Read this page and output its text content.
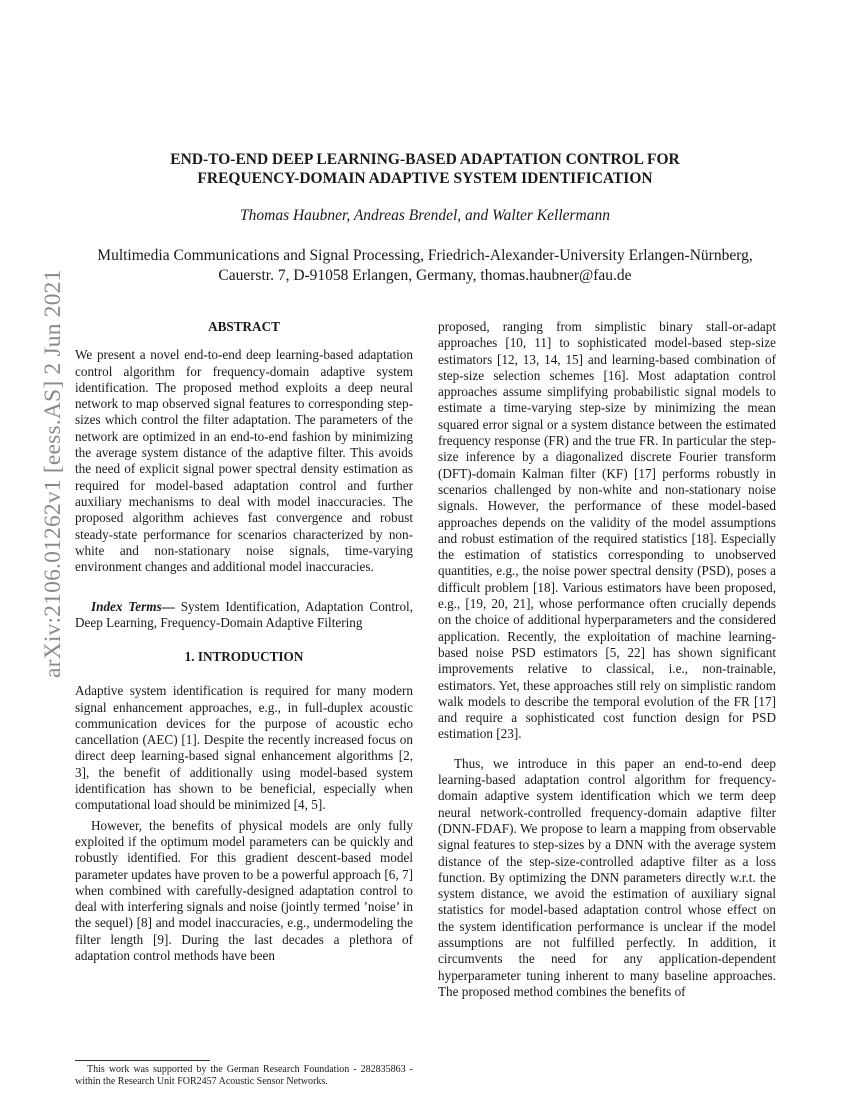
arXiv:2106.01262v1 [eess.AS] 2 Jun 2021
END-TO-END DEEP LEARNING-BASED ADAPTATION CONTROL FOR
FREQUENCY-DOMAIN ADAPTIVE SYSTEM IDENTIFICATION
Thomas Haubner, Andreas Brendel, and Walter Kellermann
Multimedia Communications and Signal Processing, Friedrich-Alexander-University Erlangen-Nürnberg,
Cauerstr. 7, D-91058 Erlangen, Germany, thomas.haubner@fau.de
ABSTRACT

We present a novel end-to-end deep learning-based adaptation control algorithm for frequency-domain adaptive system identification. The proposed method exploits a deep neural network to map observed signal features to corresponding step-sizes which control the filter adaptation. The parameters of the network are optimized in an end-to-end fashion by minimizing the average system distance of the adaptive filter. This avoids the need of explicit signal power spectral density estimation as required for model-based adaptation control and further auxiliary mechanisms to deal with model inaccuracies. The proposed algorithm achieves fast convergence and robust steady-state performance for scenarios characterized by non-white and non-stationary noise signals, time-varying environment changes and additional model inaccuracies.

Index Terms— System Identification, Adaptation Control, Deep Learning, Frequency-Domain Adaptive Filtering

1. INTRODUCTION

Adaptive system identification is required for many modern signal enhancement approaches, e.g., in full-duplex acoustic communication devices for the purpose of acoustic echo cancellation (AEC) [1]. Despite the recently increased focus on direct deep learning-based signal enhancement algorithms [2, 3], the benefit of additionally using model-based system identification has shown to be beneficial, especially when computational load should be minimized [4, 5].

However, the benefits of physical models are only fully exploited if the optimum model parameters can be quickly and robustly identified. For this gradient descent-based model parameter updates have proven to be a powerful approach [6, 7] when combined with carefully-designed adaptation control to deal with interfering signals and noise (jointly termed ’noise’ in the sequel) [8] and model inaccuracies, e.g., undermodeling the filter length [9]. During the last decades a plethora of adaptation control methods have been

This work was supported by the German Research Foundation - 282835863 - within the Research Unit FOR2457 Acoustic Sensor Networks.

proposed, ranging from simplistic binary stall-or-adapt approaches [10, 11] to sophisticated model-based step-size estimators [12, 13, 14, 15] and learning-based combination of step-size selection schemes [16]. Most adaptation control approaches assume simplifying probabilistic signal models to estimate a time-varying step-size by minimizing the mean squared error signal or a system distance between the estimated frequency response (FR) and the true FR. In particular the step-size inference by a diagonalized discrete Fourier transform (DFT)-domain Kalman filter (KF) [17] performs robustly in scenarios challenged by non-white and non-stationary noise signals. However, the performance of these model-based approaches depends on the validity of the model assumptions and robust estimation of the required statistics [18]. Especially the estimation of statistics corresponding to unobserved quantities, e.g., the noise power spectral density (PSD), poses a difficult problem [18]. Various estimators have been proposed, e.g., [19, 20, 21], whose performance often crucially depends on the choice of additional hyperparameters and the considered application. Recently, the exploitation of machine learning-based noise PSD estimators [5, 22] has shown significant improvements relative to classical, i.e., non-trainable, estimators. Yet, these approaches still rely on simplistic random walk models to describe the temporal evolution of the FR [17] and require a sophisticated cost function design for PSD estimation [23].

Thus, we introduce in this paper an end-to-end deep learning-based adaptation control algorithm for frequency-domain adaptive system identification which we term deep neural network-controlled frequency-domain adaptive filter (DNN-FDAF). We propose to learn a mapping from observable signal features to step-sizes by a DNN with the average system distance of the step-size-controlled adaptive filter as a loss function. By optimizing the DNN parameters directly w.r.t. the system distance, we avoid the estimation of auxiliary signal statistics for model-based adaptation control whose effect on the system identification performance is unclear if the model assumptions are not fulfilled perfectly. In addition, it circumvents the need for any application-dependent hyperparameter tuning inherent to many baseline approaches. The proposed method combines the benefits of
